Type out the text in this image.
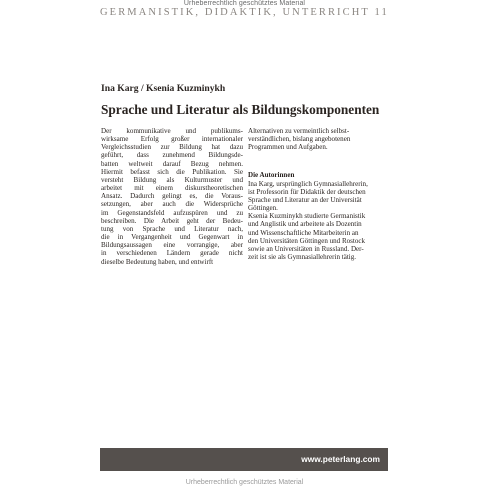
Urheberrechtlich geschütztes Material
GERMANISTIK, DIDAKTIK, UNTERRICHT 11
Ina Karg / Ksenia Kuzminykh
Sprache und Literatur als Bildungskomponenten
Der kommunikative und publikums-
wirksame Erfolg großer internationaler
Vergleichsstudien zur Bildung hat dazu
geführt, dass zunehmend Bildungsde-
batten weltweit darauf Bezug nehmen.
Hiermit befasst sich die Publikation. Sie
versteht Bildung als Kulturmuster und
arbeitet mit einem diskurstheoretischen
Ansatz. Dadurch gelingt es, die Voraus-
setzungen, aber auch die Widersprüche
im Gegenstandsfeld aufzuspüren und zu
beschreiben. Die Arbeit geht der Bedeu-
tung von Sprache und Literatur nach,
die in Vergangenheit und Gegenwart in
Bildungsaussagen eine vorrangige, aber
in verschiedenen Ländern gerade nicht
dieselbe Bedeutung haben, und entwirft
Alternativen zu vermeintlich selbst-
verständlichen, bislang angebotenen
Programmen und Aufgaben.
Die Autorinnen
Ina Karg, ursprünglich Gymnasiallehrerin,
ist Professorin für Didaktik der deutschen
Sprache und Literatur an der Universität
Göttingen.
Ksenia Kuzminykh studierte Germanistik
und Anglistik und arbeitete als Dozentin
und Wissenschaftliche Mitarbeiterin an
den Universitäten Göttingen und Rostock
sowie an Universitäten in Russland. Der-
zeit ist sie als Gymnasiallehrerin tätig.
www.peterlang.com
Urheberrechtlich geschütztes Material
